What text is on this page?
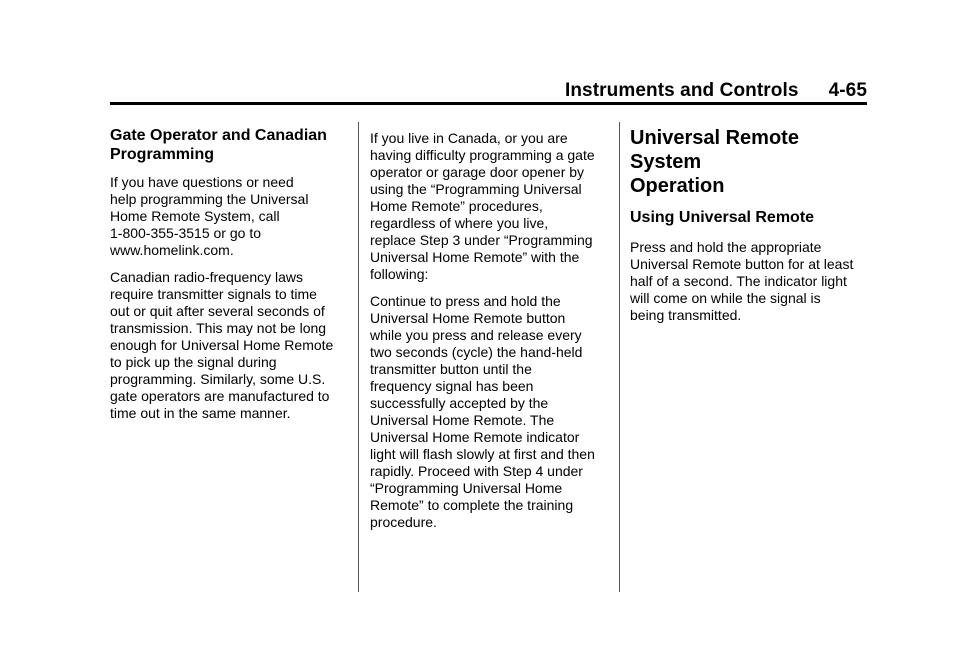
Instruments and Controls 4-65
Gate Operator and Canadian Programming

If you have questions or need
help programming the Universal
Home Remote System, call
1-800-355-3515 or go to
www.homelink.com.

Canadian radio-frequency laws
require transmitter signals to time
out or quit after several seconds of
transmission. This may not be long
enough for Universal Home Remote
to pick up the signal during
programming. Similarly, some U.S.
gate operators are manufactured to
time out in the same manner.

If you live in Canada, or you are
having difficulty programming a gate
operator or garage door opener by
using the “Programming Universal
Home Remote” procedures,
regardless of where you live,
replace Step 3 under “Programming
Universal Home Remote” with the
following:

Continue to press and hold the
Universal Home Remote button
while you press and release every
two seconds (cycle) the hand-held
transmitter button until the
frequency signal has been
successfully accepted by the
Universal Home Remote. The
Universal Home Remote indicator
light will flash slowly at first and then
rapidly. Proceed with Step 4 under
“Programming Universal Home
Remote” to complete the training
procedure.

Universal Remote System
Operation
Using Universal Remote

Press and hold the appropriate
Universal Remote button for at least
half of a second. The indicator light
will come on while the signal is
being transmitted.
